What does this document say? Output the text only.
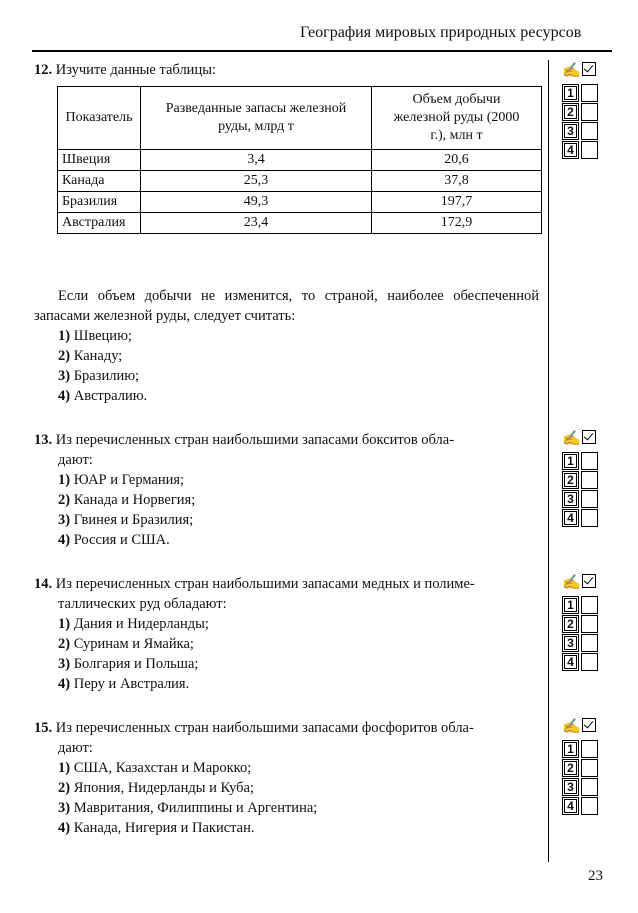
География мировых природных ресурсов
12. Изучите данные таблицы:
Показатель	Разведанные запасы железной руды, млрд т	Объем добычи железной руды (2000 г.), млн т
Швеция	3,4	20,6
Канада	25,3	37,8
Бразилия	49,3	197,7
Австралия	23,4	172,9
Если объем добычи не изменится, то страной, наиболее обеспеченной запасами железной руды, следует считать:
1) Швецию;
2) Канаду;
3) Бразилию;
4) Австралию.
13. Из перечисленных стран наибольшими запасами бокситов обла-
дают:
1) ЮАР и Германия;
2) Канада и Норвегия;
3) Гвинея и Бразилия;
4) Россия и США.
14. Из перечисленных стран наибольшими запасами медных и полиме-
таллических руд обладают:
1) Дания и Нидерланды;
2) Суринам и Ямайка;
3) Болгария и Польша;
4) Перу и Австралия.
15. Из перечисленных стран наибольшими запасами фосфоритов обла-
дают:
1) США, Казахстан и Марокко;
2) Япония, Нидерланды и Куба;
3) Мавритания, Филиппины и Аргентина;
4) Канада, Нигерия и Пакистан.
✍
1
2
3
4
✍
1
2
3
4
✍
1
2
3
4
✍
1
2
3
4
23
